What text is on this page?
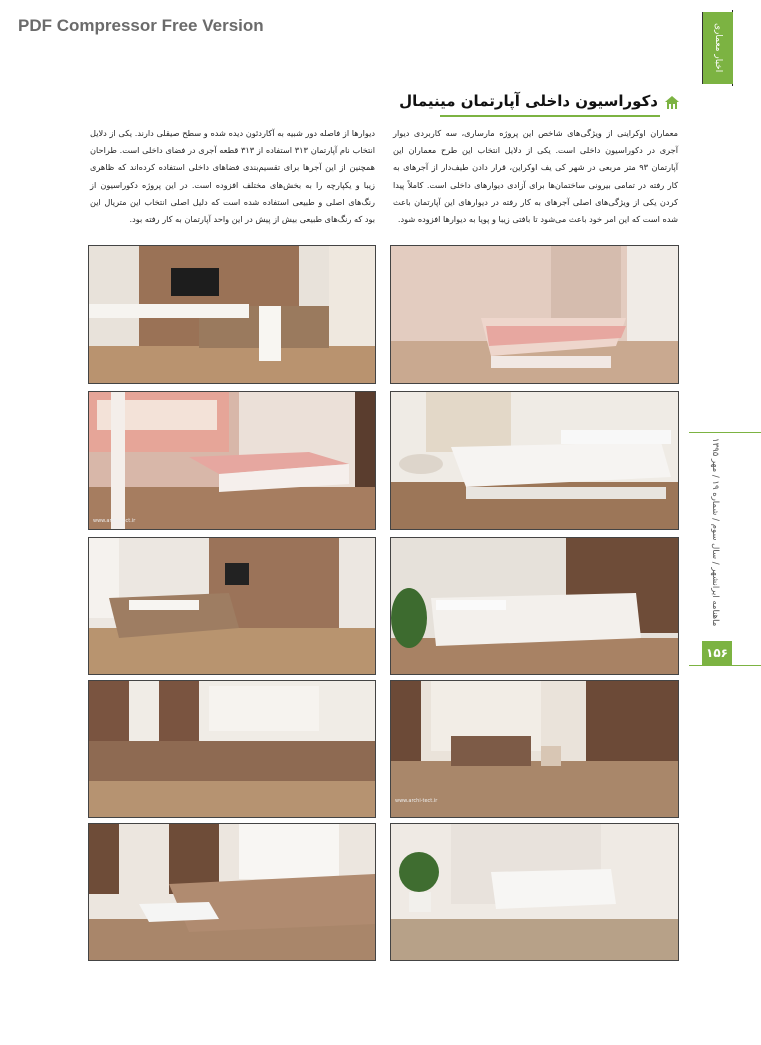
PDF Compressor Free Version	اخبار معماری
دکوراسیون داخلی آپارتمان مینیمال
معماران اوکراینی از ویژگی‌های شاخص این پروژه مارساری، سه کاربردی دیوار آجری در دکوراسیون داخلی است. یکی از دلایل انتخاب این طرح معماران این آپارتمان ۹۳ متر مربعی در شهر کی یف اوکراین، قرار دادن طیف‌دار از آجرهای به کار رفته در تمامی بیرونی ساختمان‌ها برای آزادی دیوارهای داخلی است. کاملاً پیدا کردن یکی از ویژگی‌های اصلی آجرهای به کار رفته در دیوارهای این آپارتمان باعث شده است که این امر خود باعث می‌شود تا بافتی زیبا و پویا به دیوارها افزوده شود.
دیوارها از فاصله دور شبیه به آکاردئون دیده شده و سطح صیقلی دارند. یکی از دلایل انتخاب نام آپارتمان ۳۱۳ استفاده از ۳۱۳ قطعه آجری در فضای داخلی است. طراحان همچنین از این آجرها برای تقسیم‌بندی فضاهای داخلی استفاده کرده‌اند که ظاهری زیبا و یکپارچه را به بخش‌های مختلف افزوده است. در این پروژه دکوراسیون از رنگ‌های اصلی و طبیعی استفاده شده است که دلیل اصلی انتخاب این متریال این بود که رنگ‌های طبیعی بیش از پیش در این واحد آپارتمان به کار رفته بود.
www.archi-tect.ir
www.archi-tect.ir
ماهنامه ایرانشهر / سال سوم / شماره ۱۹ / مهر ۱۳۹۵
۱۵۶
